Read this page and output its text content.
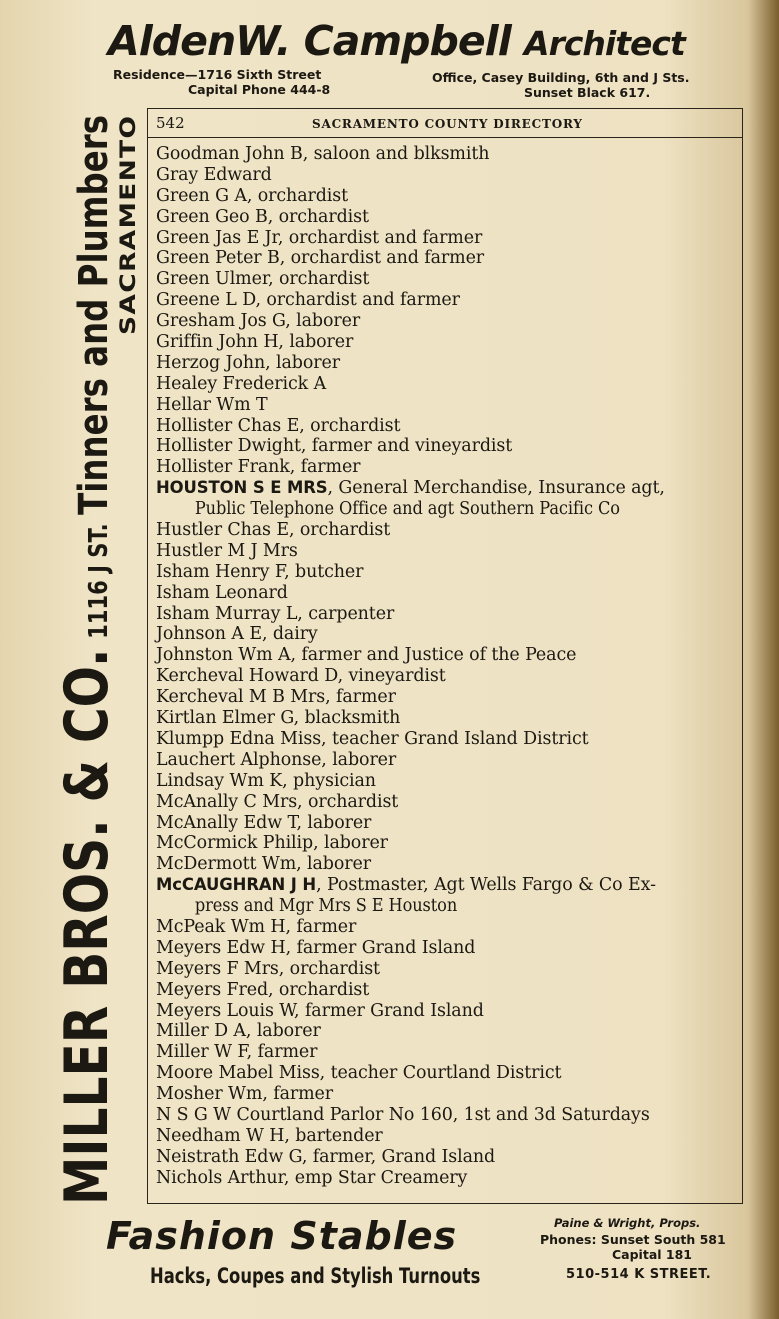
AldenW. Campbell Architect
Residence—1716 Sixth Street
Capital Phone 444-8
Office, Casey Building, 6th and J Sts.
Sunset Black 617.
MILLER BROS. & CO. 1116 J ST. Tinners and Plumbers SACRAMENTO 542	SACRAMENTO COUNTY DIRECTORY
Goodman John B, saloon and blksmith
Gray Edward
Green G A, orchardist
Green Geo B, orchardist
Green Jas E Jr, orchardist and farmer
Green Peter B, orchardist and farmer
Green Ulmer, orchardist
Greene L D, orchardist and farmer
Gresham Jos G, laborer
Griffin John H, laborer
Herzog John, laborer
Healey Frederick A
Hellar Wm T
Hollister Chas E, orchardist
Hollister Dwight, farmer and vineyardist
Hollister Frank, farmer
HOUSTON S E MRS, General Merchandise, Insurance agt,
Public Telephone Office and agt Southern Pacific Co
Hustler Chas E, orchardist
Hustler M J Mrs
Isham Henry F, butcher
Isham Leonard
Isham Murray L, carpenter
Johnson A E, dairy
Johnston Wm A, farmer and Justice of the Peace
Kercheval Howard D, vineyardist
Kercheval M B Mrs, farmer
Kirtlan Elmer G, blacksmith
Klumpp Edna Miss, teacher Grand Island District
Lauchert Alphonse, laborer
Lindsay Wm K, physician
McAnally C Mrs, orchardist
McAnally Edw T, laborer
McCormick Philip, laborer
McDermott Wm, laborer
McCAUGHRAN J H, Postmaster, Agt Wells Fargo & Co Ex-
press and Mgr Mrs S E Houston
McPeak Wm H, farmer
Meyers Edw H, farmer Grand Island
Meyers F Mrs, orchardist
Meyers Fred, orchardist
Meyers Louis W, farmer Grand Island
Miller D A, laborer
Miller W F, farmer
Moore Mabel Miss, teacher Courtland District
Mosher Wm, farmer
N S G W Courtland Parlor No 160, 1st and 3d Saturdays
Needham W H, bartender
Neistrath Edw G, farmer, Grand Island
Nichols Arthur, emp Star Creamery
Fashion Stables
Hacks, Coupes and Stylish Turnouts
Paine & Wright, Props.
Phones: Sunset South 581
Capital 181
510-514 K STREET.
